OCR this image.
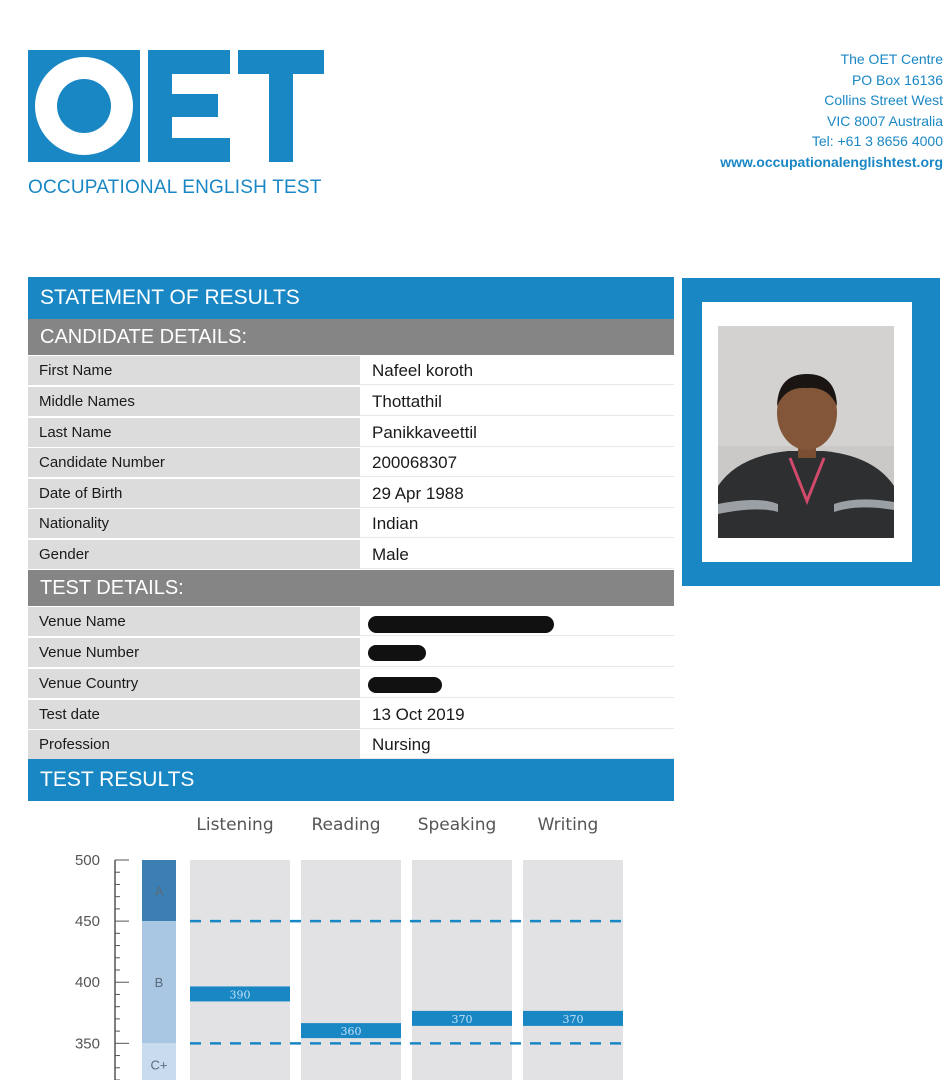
OCCUPATIONAL ENGLISH TEST
The OET Centre
PO Box 16136
Collins Street West
VIC 8007 Australia
Tel: +61 3 8656 4000
www.occupationalenglishtest.org
STATEMENT OF RESULTS
CANDIDATE DETAILS:
First Name	Nafeel koroth
Middle Names	Thottathil
Last Name	Panikkaveettil
Candidate Number	200068307
Date of Birth	29 Apr 1988
Nationality	Indian
Gender	Male
TEST DETAILS:
Venue Name
Venue Number
Venue Country
Test date	13 Oct 2019
Profession	Nursing
TEST RESULTS
500
450
400
350
A
B
C+
Listening Reading Speaking Writing
390
360
370	370
